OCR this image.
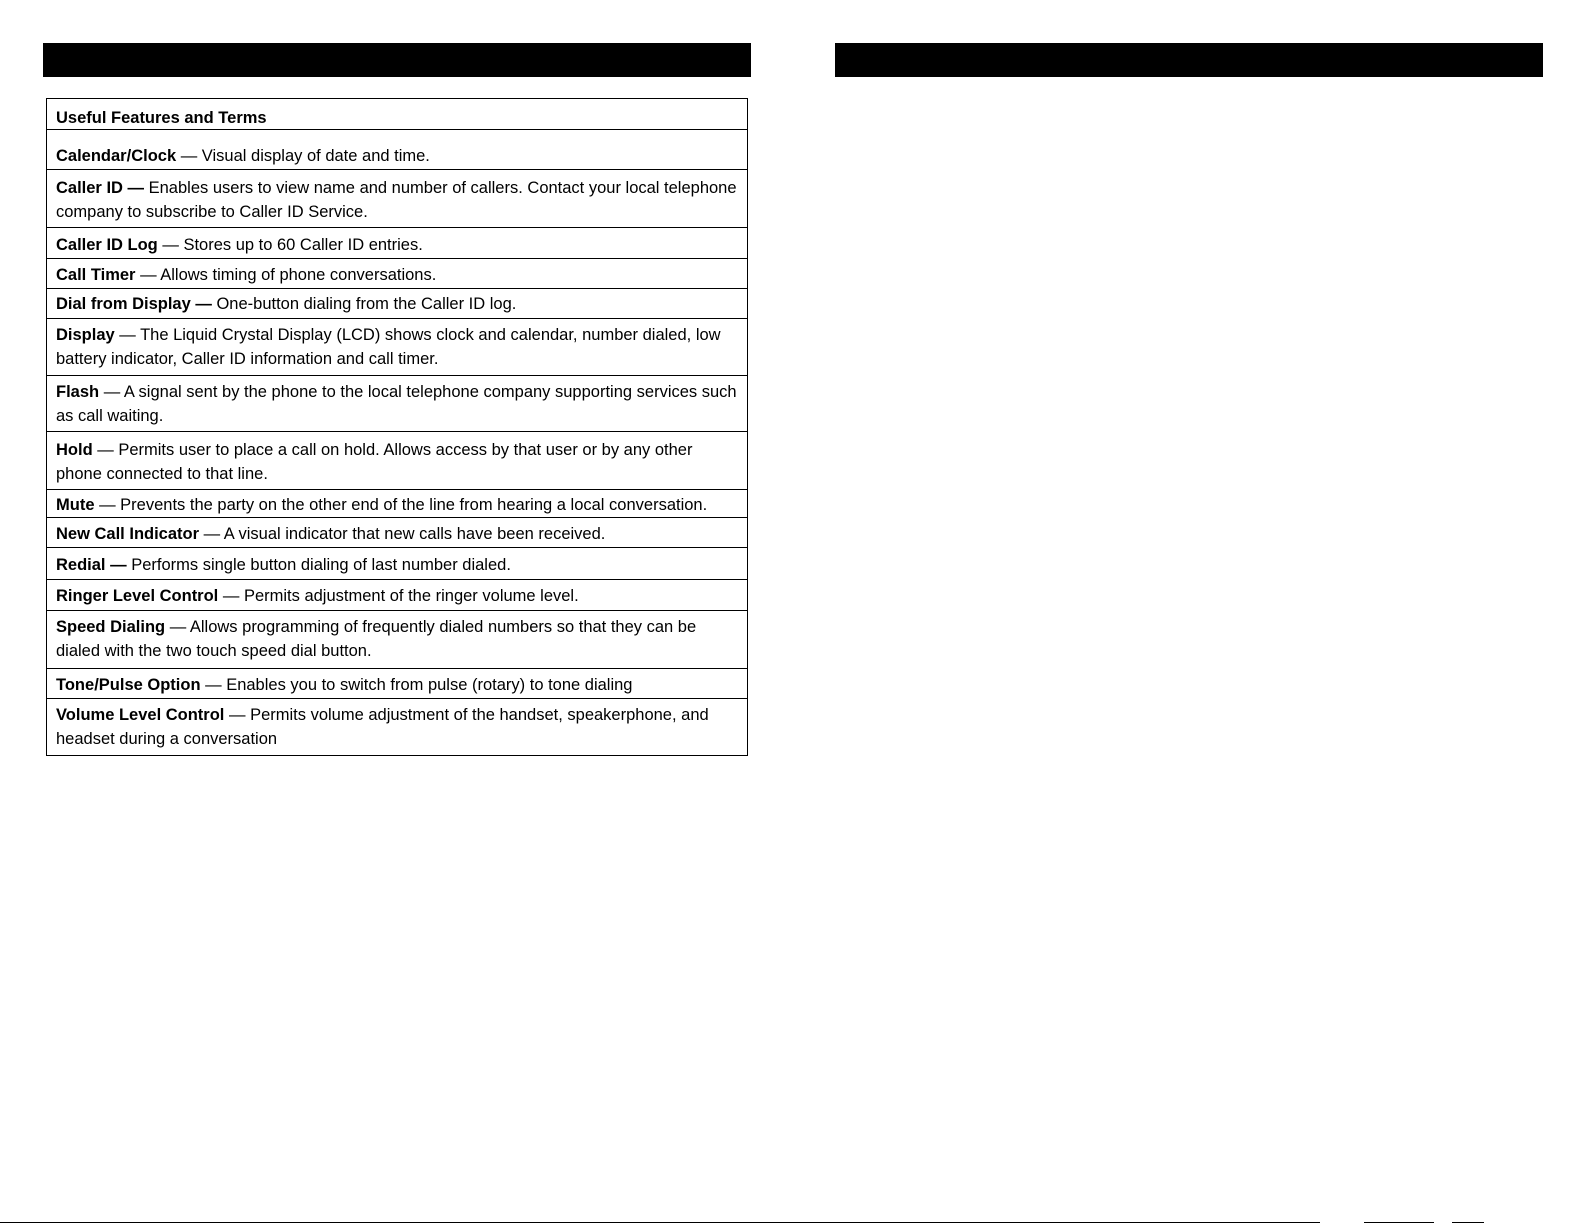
Useful Features and Terms
Calendar/Clock — Visual display of date and time.
Caller ID — Enables users to view name and number of callers. Contact your local telephone company to subscribe to Caller ID Service.
Caller ID Log — Stores up to 60 Caller ID entries.
Call Timer — Allows timing of phone conversations.
Dial from Display — One-button dialing from the Caller ID log.
Display — The Liquid Crystal Display (LCD) shows clock and calendar, number dialed, low battery indicator, Caller ID information and call timer.
Flash — A signal sent by the phone to the local telephone company supporting services such as call waiting.
Hold — Permits user to place a call on hold. Allows access by that user or by any other phone connected to that line.
Mute — Prevents the party on the other end of the line from hearing a local conversation.
New Call Indicator — A visual indicator that new calls have been received.
Redial — Performs single button dialing of last number dialed.
Ringer Level Control — Permits adjustment of the ringer volume level.
Speed Dialing — Allows programming of frequently dialed numbers so that they can be dialed with the two touch speed dial button.
Tone/Pulse Option — Enables you to switch from pulse (rotary) to tone dialing
Volume Level Control — Permits volume adjustment of the handset, speakerphone, and headset during a conversation
